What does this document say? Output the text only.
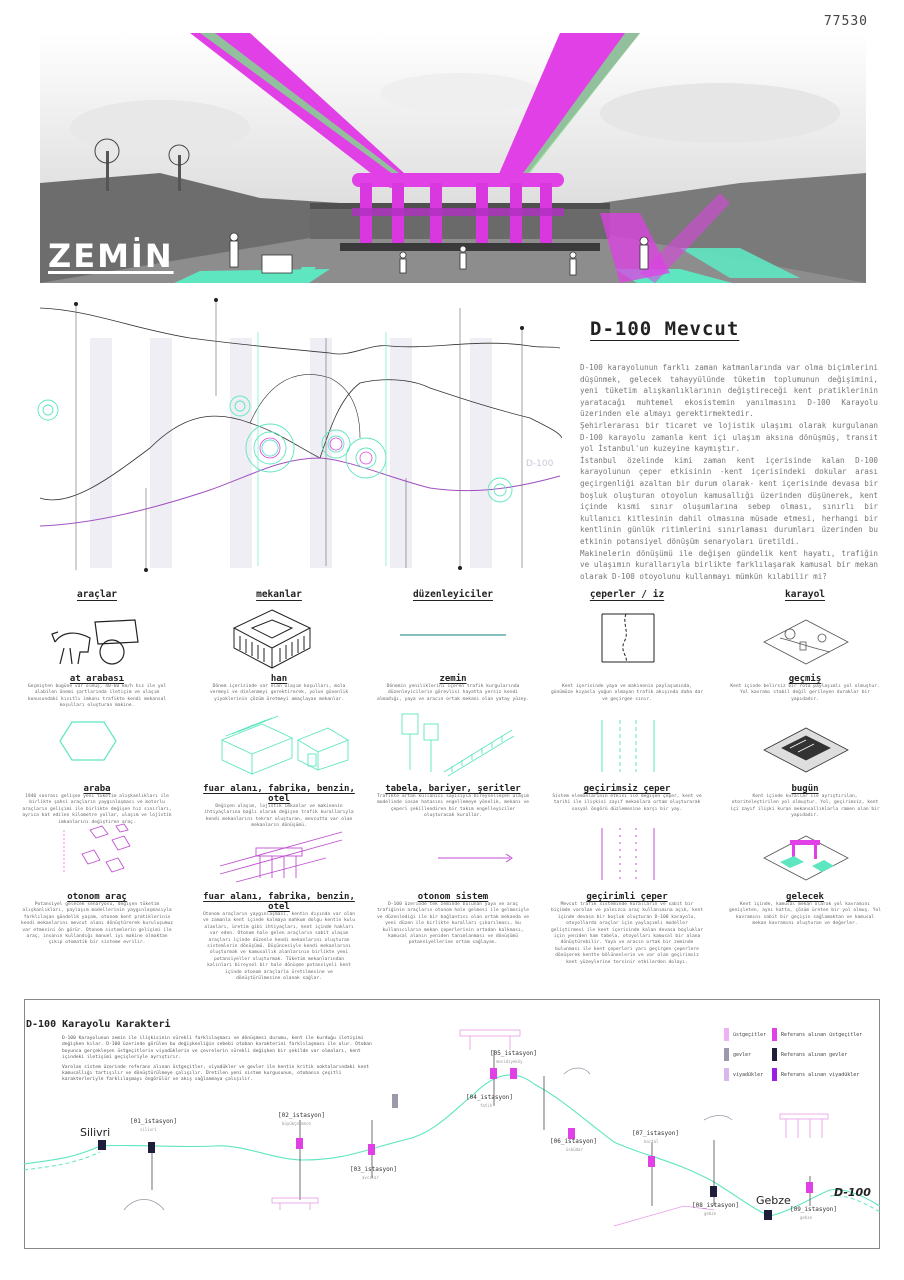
77530
ZEMİN
D-100
D-100 Mevcut

D-100 karayolunun farklı zaman katmanlarında var olma biçimlerini düşünmek, gelecek tahayyülünde tüketim toplumunun değişimini, yeni tüketim alışkanlıklarının değiştireceği kent pratiklerinin yaratacağı muhtemel ekosistemin yanılmasını D-100 Karayolu üzerinden ele almayı gerektirmektedir.

Şehirlerarası bir ticaret ve lojistik ulaşımı olarak kurgulanan D-100 karayolu zamanla kent içi ulaşım aksına dönüşmüş, transit yol İstanbul'un kuzeyine kaymıştır.

İstanbul özelinde kimi zaman kent içerisinde kalan D-100 karayolunun çeper etkisinin -kent içerisindeki dokular arası geçirgenliği azaltan bir durum olarak- kent içerisinde devasa bir boşluk oluşturan otoyolun kamusallığı üzerinden düşünerek, kent içinde kısmi sınır oluşumlarına sebep olması, sınırlı bir kullanıcı kitlesinin dahil olmasına müsade etmesi, herhangi bir kentlinin günlük ritimlerini sınırlaması durumları üzerinden bu etkinin potansiyel dönüşüm senaryoları üretildi.

Makinelerin dönüşümü ile değişen gündelik kent hayatı, trafiğin ve ulaşımın kurallarıyla birlikte farklılaşarak kamusal bir mekan olarak D-100 otoyolunu kullanmayı mümkün kılabilir mi?

araçlar
at arabası
Geçmişten bugüne var olmuş, 40-60 km/h hız ile yol alabilen önemi şartlarında iletişim ve ulaşım konusundaki kısıtlı imkanı trafikte kendi mekansal koşulları oluşturan makine.
araba
1940 sonrası gelişen yeni tüketim alışkanlıkları ile birlikte şahsi araçların yaygınlaşması ve motorlu araçların gelişimi ile birlikte değişen hız sınırları, ayrıca kat edilen kilometre yollar, ulaşım ve lojistik imkanlarını değiştiren araç.
otonom araç
Potansiyel gelecek senaryosu, değişen tüketim alışkanlıkları, paylaşım modellerinin yaygınlaşmasıyla farklılaşan gündelik yaşam, otonom kent pratiklerinin kendi mekanlarını mevcut alanı dönüştürerek kuruluşumuz var etmesini ön görür. Otonom sistemlerin gelişimi ile araç, insanın kullandığı manuel iyi makine olmaktan çıkıp otomatik bir sisteme evrilir.
mekanlar
han
Dönem içerisinde var olan ulaşım koşulları, mola vermeyi ve dinlenmeyi gerektirerek, yolun güvenlik yiyoklerinin çözüm üretmeyi amaçlayan mekanlar.
fuar alanı, fabrika, benzin, otel
Değişen ulaşım, lojistik imkanlar ve makinenin ihtiyaçlarına bağlı olarak değişen trafik kurallarıyla kendi mekanlarını tekrar oluşturan, mevcutta var olan mekanların dönüşümü.
fuar alanı, fabrika, benzin, otel
Otonom araçların yaygınlaşması, kentin dışında var olan ve zamanla kent içinde kalmaya mahkum dolgu kentin kulu alanları, üretim gibi ihtiyaçları, kent içinde hakları var eden. Otonom hale gelen araçların sabit ulaşım araçları içinde düzenle kendi mekanlarını oluşturan sistemlerin dönüşümü. Düşüncesiyle kendi mekanlarını oluşturmak ve kamusallık alanlarının birlikte yeni potansiyeller oluşturmak. Tüketim mekanlarından kalınları bireysel bir hale dönüşme potansiyeli kent içinde otonom araçlarla üretilmesine ve dönüştürülmesine olanak sağlar.
düzenleyiciler
zemin
Dönemin yeniliklerini içeren trafik kurgularında düzenleyicilerin görevlisi hayatta yersiz kendi almadığı, yaya ve aracın ortak mekanı olan yatay yüzey.
tabela, bariyer, şeritler
Trafikte artan kullanıcı sayısıyla bireyselleşen ulaşım modelinde insan hatasını engellemeye yönelik, mekanı ve çeperi şekillendiren bir takım engelleyiciler oluşturacak kurallar.
otonom sistem
D-100 üzerinde tek zeminde bulunan yaya ve araç trafiğinin araçların otonom hale gelmesi ile gelmesiyle ve düzenlediği ile bir bağlantısı olan ortak mekanda ve yeni düzen ile birlikte kuralları çıkarılması, bu kullanıcıların mekan çeperlerinin ortadan kalkması, kamusal alanın yeniden tanımlanması ve dönüşümü potansiyellerine ortam sağlayan.
çeperler / iz
Kent içerisinde yaya ve makinenin paylaşımında, günümüze kıyasla yoğun olmayan trafik akışında daha dar ve geçirgen sınır.
geçirimsiz çeper
Sistem elemanlarının etkisi ile değişen çeper, kent ve tarihi ile ilişkisi zayıf mekanlara ortam oluşturarak sosyal öngörü düzlemesine karşı bir yay.
geçirimli çeper
Mevcut trafik sisteminde kuralların ve sabit bir biçimde varolan ve yalnızca araç kullanımına açık, kent içinde devasa bir boşluk oluşturan D-100 karayolu, otoyollarda araçlar için yaylaşımlı modeller geliştirmesi ile kent içerisinde kalan devasa boşluklar için yeniden ham tabela, otoyolları kamusal bir alana dönüştürebilir. Yaya ve aracın ortak bir zeminde bulunması ile kent çeperleri yarı geçirgen çeperlere dönüşerek kentte bölünenlerin ve var olan geçirimsiz kent yüzeylerine tersinir etkilerden dolayı.
karayol
geçmiş
Kent içinde belirsiz bir rota paylaşımlı yol olmuştur. Yol kavramı stabil değil gerileyen duraklar bir yapıdadır.
bugün
Kent içinde kurallar ile ayrıştırılan, otoriteleştirilen yol olmuştur. Yol, geçirimsiz, kent içi zayıf ilişki kuran mekansallıklarla ramen olan bir yapıdadır.
gelecek
Kent içinde, kamusal mekan olarak yol kavramını genişleten, aynı katta, çözüm üreten bir yol olmuş. Yol kavramını sabit bir geçişin sağlamaktan ve kamusal mekan kavramını oluşturan ve değerler.
D-100 Karayolu Karakteri

D-100 Karayolunun zemin ile ilişkisinin sürekli farklılaşması ve dönüşmesi durumu, kent ile kurduğu iletişimi değişken kılar. D-100 üzerinde görülen bu değişkenliğin sebebi otoban karakterini farklılaşması ile olur. Otoban boyunca gerçekleşen üstgeçitlerin viyadüklerin ve çevrelerin sürekli değişken bir şekilde var olmaları, kent içindeki iletişimi geçişleriyle ayrıştırır.

Varolan sistem üzerinde referans alınan üstgeçitler, viyadükler ve gevler ile kentin kritik noktalarındaki kent kamusallığı tartışılır ve dönüştürülmeye çalışılır. Üretilen yeni sistem kurgusunun, otobanın çeşitli karakterleriyle farklılaşmayı öngörülür ve akış sağlanmaya çalışılır.

üstgeçitler
gevler
viyadükler
Referans alınan üstgeçitler
Referans alınan gevler
Referans alınan viyadükler
Silivri
Gebze
D-100
[01_istasyon]
silivri
[02_istasyon]
büyükçekmece
[03_istasyon]
avcılar
[04_istasyon]
fatih
[05_istasyon]
mecidiyeköy
[06_istasyon]
üsküdar
[07_istasyon]
kartal
[08_istasyon]
gebze
[09_istasyon]
gebze
